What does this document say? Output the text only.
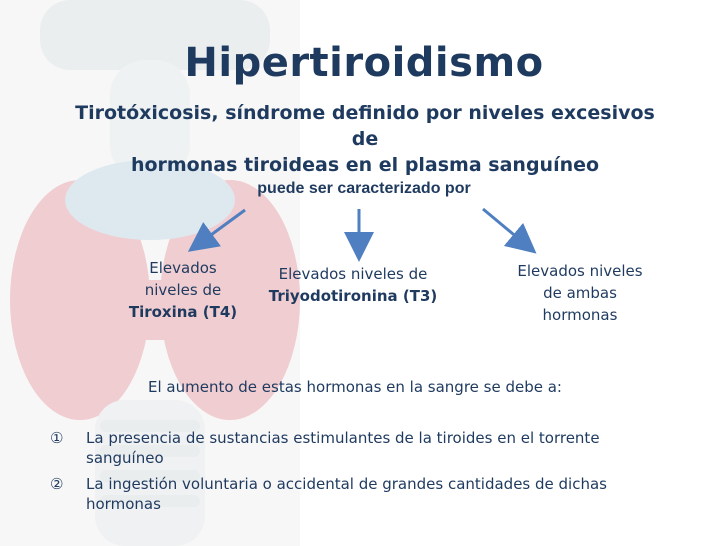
Hipertiroidismo
Tirotóxicosis, síndrome definido por niveles excesivos de
hormonas tiroideas en el plasma sanguíneo
puede ser caracterizado por
Elevados
niveles de
Tiroxina (T4)
Elevados niveles de
Triyodotironina (T3)
Elevados niveles
de ambas
hormonas
El aumento de estas hormonas en la sangre se debe a:
①	La presencia de sustancias estimulantes de la tiroides en el torrente sanguíneo
②	La ingestión voluntaria o accidental de grandes cantidades de dichas hormonas
